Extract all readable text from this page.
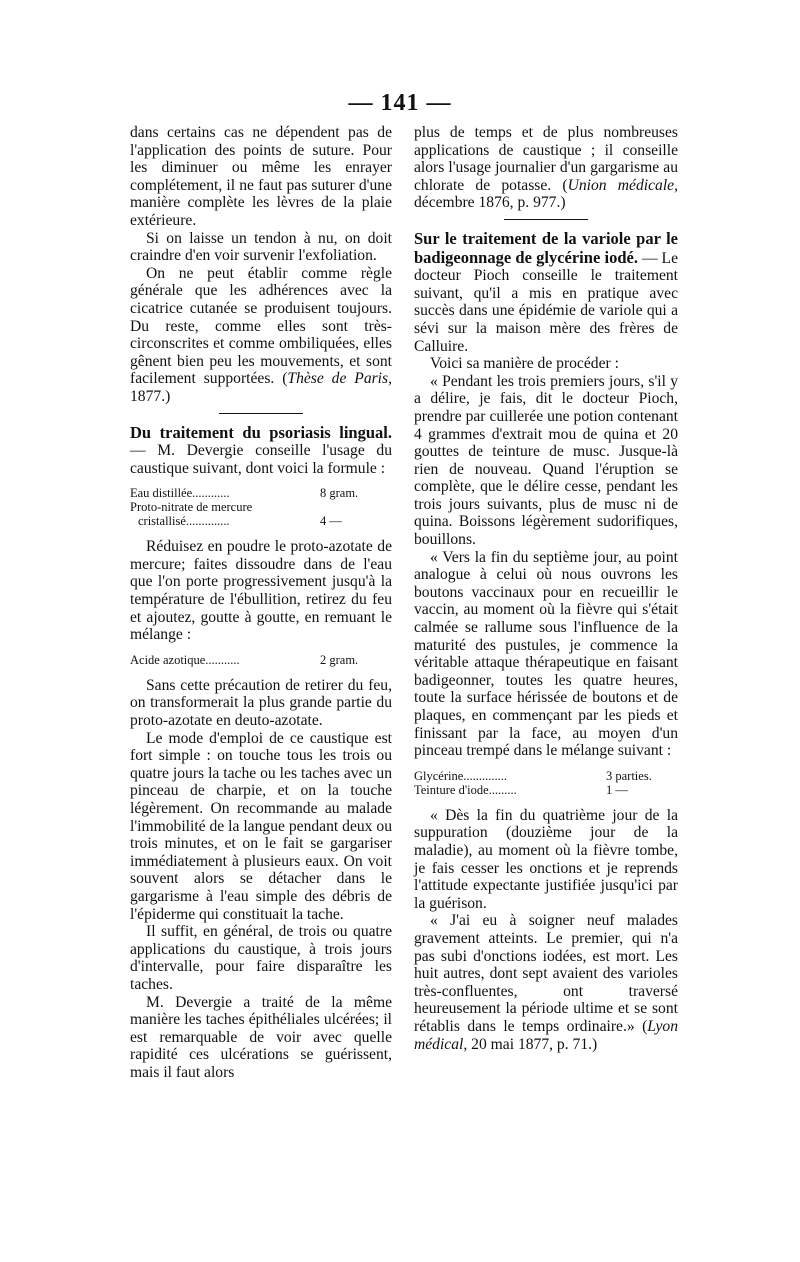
— 141 —

dans certains cas ne dépendent pas de l'application des points de suture. Pour les diminuer ou même les enrayer complétement, il ne faut pas suturer d'une manière complète les lèvres de la plaie extérieure.

Si on laisse un tendon à nu, on doit craindre d'en voir survenir l'exfoliation.

On ne peut établir comme règle générale que les adhérences avec la cicatrice cutanée se produisent toujours. Du reste, comme elles sont très-circonscrites et comme ombiliquées, elles gênent bien peu les mouvements, et sont facilement supportées. (Thèse de Paris, 1877.)

Du traitement du psoriasis lingual. — M. Devergie conseille l'usage du caustique suivant, dont voici la formule :

Eau distillée............	8 gram.
Proto-nitrate de mercure
cristallisé..............	4 —

Réduisez en poudre le proto-azotate de mercure; faites dissoudre dans de l'eau que l'on porte progressivement jusqu'à la température de l'ébullition, retirez du feu et ajoutez, goutte à goutte, en remuant le mélange :

Acide azotique...........	2 gram.

Sans cette précaution de retirer du feu, on transformerait la plus grande partie du proto-azotate en deuto-azotate.

Le mode d'emploi de ce caustique est fort simple : on touche tous les trois ou quatre jours la tache ou les taches avec un pinceau de charpie, et on la touche légèrement. On recommande au malade l'immobilité de la langue pendant deux ou trois minutes, et on le fait se gargariser immédiatement à plusieurs eaux. On voit souvent alors se détacher dans le gargarisme à l'eau simple des débris de l'épiderme qui constituait la tache.

Il suffit, en général, de trois ou quatre applications du caustique, à trois jours d'intervalle, pour faire disparaître les taches.

M. Devergie a traité de la même manière les taches épithéliales ulcérées; il est remarquable de voir avec quelle rapidité ces ulcérations se guérissent, mais il faut alors

plus de temps et de plus nombreuses applications de caustique ; il conseille alors l'usage journalier d'un gargarisme au chlorate de potasse. (Union médicale, décembre 1876, p. 977.)

Sur le traitement de la variole par le badigeonnage de glycérine iodé. — Le docteur Pioch conseille le traitement suivant, qu'il a mis en pratique avec succès dans une épidémie de variole qui a sévi sur la maison mère des frères de Calluire.

Voici sa manière de procéder :

« Pendant les trois premiers jours, s'il y a délire, je fais, dit le docteur Pioch, prendre par cuillerée une potion contenant 4 grammes d'extrait mou de quina et 20 gouttes de teinture de musc. Jusque-là rien de nouveau. Quand l'éruption se complète, que le délire cesse, pendant les trois jours suivants, plus de musc ni de quina. Boissons légèrement sudorifiques, bouillons.

« Vers la fin du septième jour, au point analogue à celui où nous ouvrons les boutons vaccinaux pour en recueillir le vaccin, au moment où la fièvre qui s'était calmée se rallume sous l'influence de la maturité des pustules, je commence la véritable attaque thérapeutique en faisant badigeonner, toutes les quatre heures, toute la surface hérissée de boutons et de plaques, en commençant par les pieds et finissant par la face, au moyen d'un pinceau trempé dans le mélange suivant :

Glycérine..............	3 parties.
Teinture d'iode.........	1 —

« Dès la fin du quatrième jour de la suppuration (douzième jour de la maladie), au moment où la fièvre tombe, je fais cesser les onctions et je reprends l'attitude expectante justifiée jusqu'ici par la guérison.

« J'ai eu à soigner neuf malades gravement atteints. Le premier, qui n'a pas subi d'onctions iodées, est mort. Les huit autres, dont sept avaient des varioles très-confluentes, ont traversé heureusement la période ultime et se sont rétablis dans le temps ordinaire.» (Lyon médical, 20 mai 1877, p. 71.)
